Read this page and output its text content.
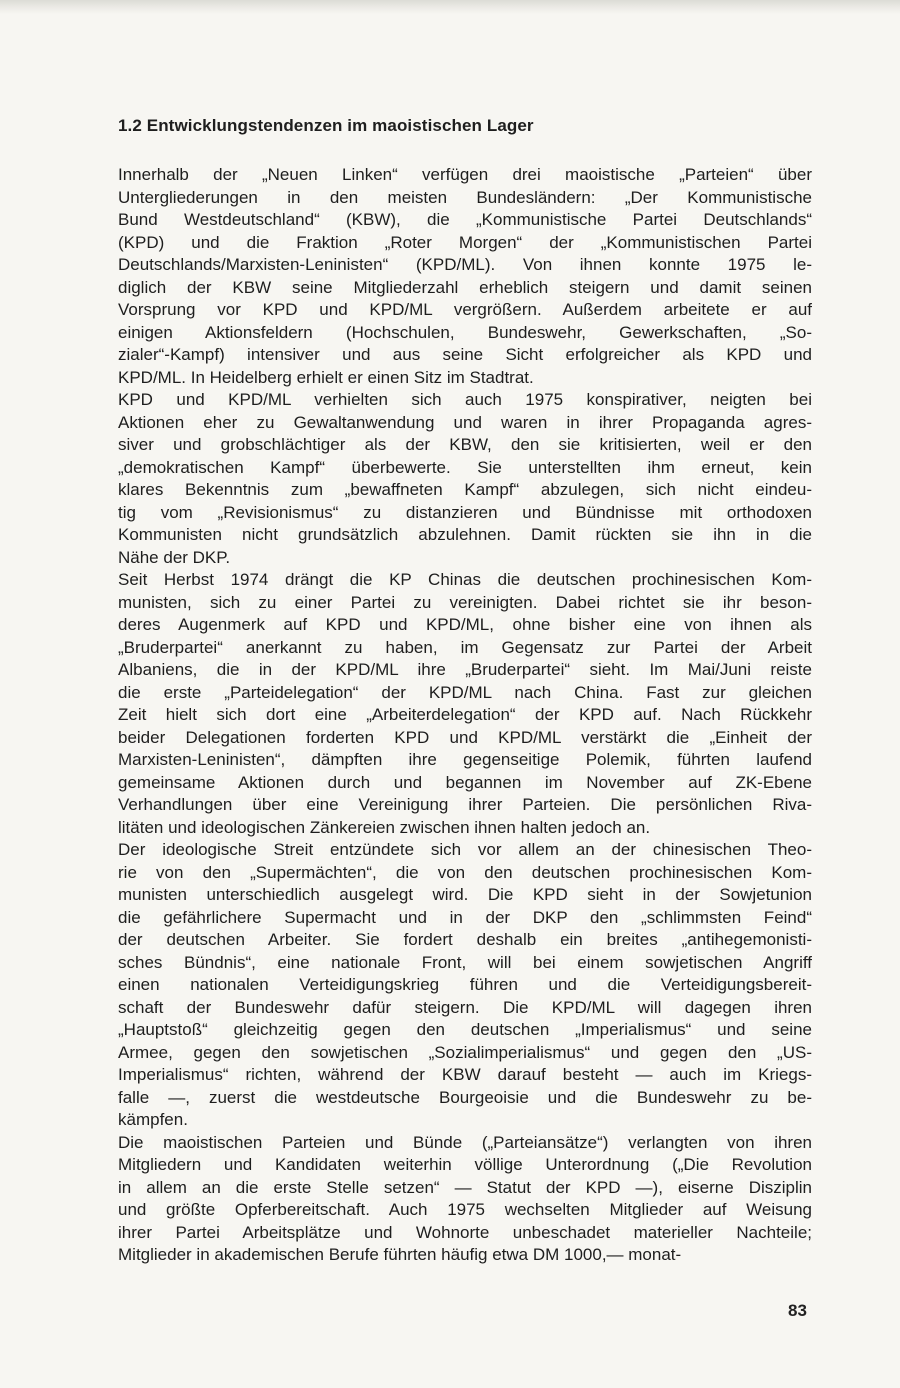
1.2 Entwicklungstendenzen im maoistischen Lager
Innerhalb der „Neuen Linken“ verfügen drei maoistische „Parteien“ über
Untergliederungen in den meisten Bundesländern: „Der Kommunistische
Bund Westdeutschland“ (KBW), die „Kommunistische Partei Deutschlands“
(KPD) und die Fraktion „Roter Morgen“ der „Kommunistischen Partei
Deutschlands/Marxisten-Leninisten“ (KPD/ML). Von ihnen konnte 1975 le-
diglich der KBW seine Mitgliederzahl erheblich steigern und damit seinen
Vorsprung vor KPD und KPD/ML vergrößern. Außerdem arbeitete er auf
einigen Aktionsfeldern (Hochschulen, Bundeswehr, Gewerkschaften, „So-
zialer“-Kampf) intensiver und aus seine Sicht erfolgreicher als KPD und
KPD/ML. In Heidelberg erhielt er einen Sitz im Stadtrat.
KPD und KPD/ML verhielten sich auch 1975 konspirativer, neigten bei
Aktionen eher zu Gewaltanwendung und waren in ihrer Propaganda agres-
siver und grobschlächtiger als der KBW, den sie kritisierten, weil er den
„demokratischen Kampf“ überbewerte. Sie unterstellten ihm erneut, kein
klares Bekenntnis zum „bewaffneten Kampf“ abzulegen, sich nicht eindeu-
tig vom „Revisionismus“ zu distanzieren und Bündnisse mit orthodoxen
Kommunisten nicht grundsätzlich abzulehnen. Damit rückten sie ihn in die
Nähe der DKP.
Seit Herbst 1974 drängt die KP Chinas die deutschen prochinesischen Kom-
munisten, sich zu einer Partei zu vereinigten. Dabei richtet sie ihr beson-
deres Augenmerk auf KPD und KPD/ML, ohne bisher eine von ihnen als
„Bruderpartei“ anerkannt zu haben, im Gegensatz zur Partei der Arbeit
Albaniens, die in der KPD/ML ihre „Bruderpartei“ sieht. Im Mai/Juni reiste
die erste „Parteidelegation“ der KPD/ML nach China. Fast zur gleichen
Zeit hielt sich dort eine „Arbeiterdelegation“ der KPD auf. Nach Rückkehr
beider Delegationen forderten KPD und KPD/ML verstärkt die „Einheit der
Marxisten-Leninisten“, dämpften ihre gegenseitige Polemik, führten laufend
gemeinsame Aktionen durch und begannen im November auf ZK-Ebene
Verhandlungen über eine Vereinigung ihrer Parteien. Die persönlichen Riva-
litäten und ideologischen Zänkereien zwischen ihnen halten jedoch an.
Der ideologische Streit entzündete sich vor allem an der chinesischen Theo-
rie von den „Supermächten“, die von den deutschen prochinesischen Kom-
munisten unterschiedlich ausgelegt wird. Die KPD sieht in der Sowjetunion
die gefährlichere Supermacht und in der DKP den „schlimmsten Feind“
der deutschen Arbeiter. Sie fordert deshalb ein breites „antihegemonisti-
sches Bündnis“, eine nationale Front, will bei einem sowjetischen Angriff
einen nationalen Verteidigungskrieg führen und die Verteidigungsbereit-
schaft der Bundeswehr dafür steigern. Die KPD/ML will dagegen ihren
„Hauptstoß“ gleichzeitig gegen den deutschen „Imperialismus“ und seine
Armee, gegen den sowjetischen „Sozialimperialismus“ und gegen den „US-
Imperialismus“ richten, während der KBW darauf besteht — auch im Kriegs-
falle —, zuerst die westdeutsche Bourgeoisie und die Bundeswehr zu be-
kämpfen.
Die maoistischen Parteien und Bünde („Parteiansätze“) verlangten von ihren
Mitgliedern und Kandidaten weiterhin völlige Unterordnung („Die Revolution
in allem an die erste Stelle setzen“ — Statut der KPD —), eiserne Disziplin
und größte Opferbereitschaft. Auch 1975 wechselten Mitglieder auf Weisung
ihrer Partei Arbeitsplätze und Wohnorte unbeschadet materieller Nachteile;
Mitglieder in akademischen Berufe führten häufig etwa DM 1000,— monat-
83
